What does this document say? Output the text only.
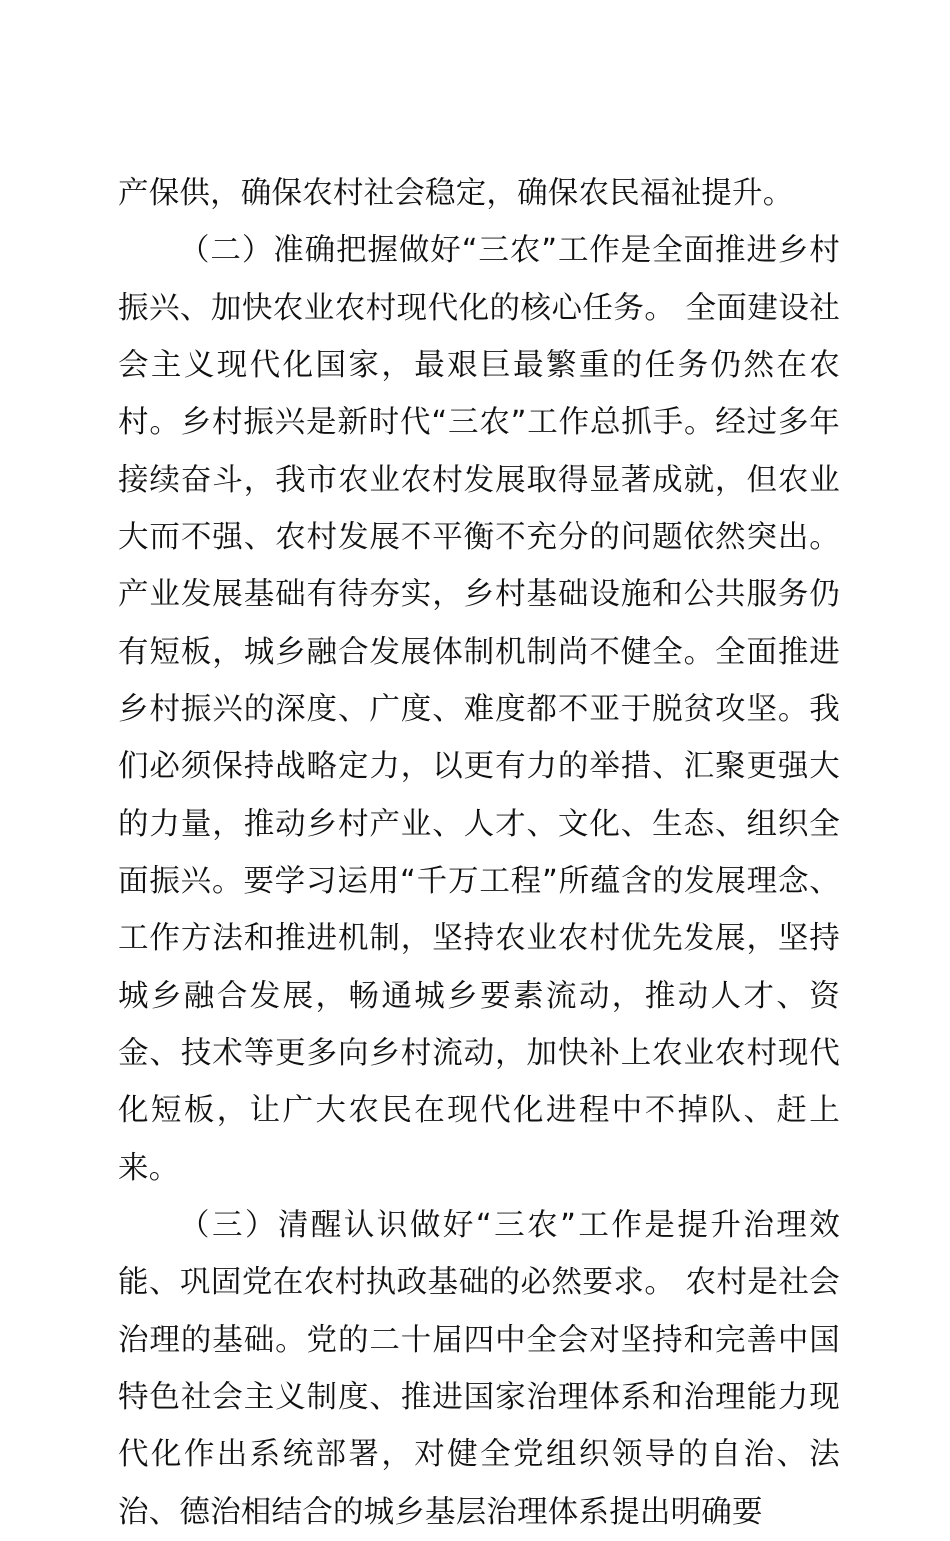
产保供，确保农村社会稳定，确保农民福祉提升。

（二）准确把握做好“三农”工作是全面推进乡村振兴、加快农业农村现代化的核心任务。 全面建设社会主义现代化国家，最艰巨最繁重的任务仍然在农村。乡村振兴是新时代“三农”工作总抓手。经过多年接续奋斗，我市农业农村发展取得显著成就，但农业大而不强、农村发展不平衡不充分的问题依然突出。产业发展基础有待夯实，乡村基础设施和公共服务仍有短板，城乡融合发展体制机制尚不健全。全面推进乡村振兴的深度、广度、难度都不亚于脱贫攻坚。我们必须保持战略定力，以更有力的举措、汇聚更强大的力量，推动乡村产业、人才、文化、生态、组织全面振兴。要学习运用“千万工程”所蕴含的发展理念、工作方法和推进机制，坚持农业农村优先发展，坚持城乡融合发展，畅通城乡要素流动，推动人才、资金、技术等更多向乡村流动，加快补上农业农村现代化短板，让广大农民在现代化进程中不掉队、赶上来。

（三）清醒认识做好“三农”工作是提升治理效能、巩固党在农村执政基础的必然要求。 农村是社会治理的基础。党的二十届四中全会对坚持和完善中国特色社会主义制度、推进国家治理体系和治理能力现代化作出系统部署，对健全党组织领导的自治、法治、德治相结合的城乡基层治理体系提出明确要
